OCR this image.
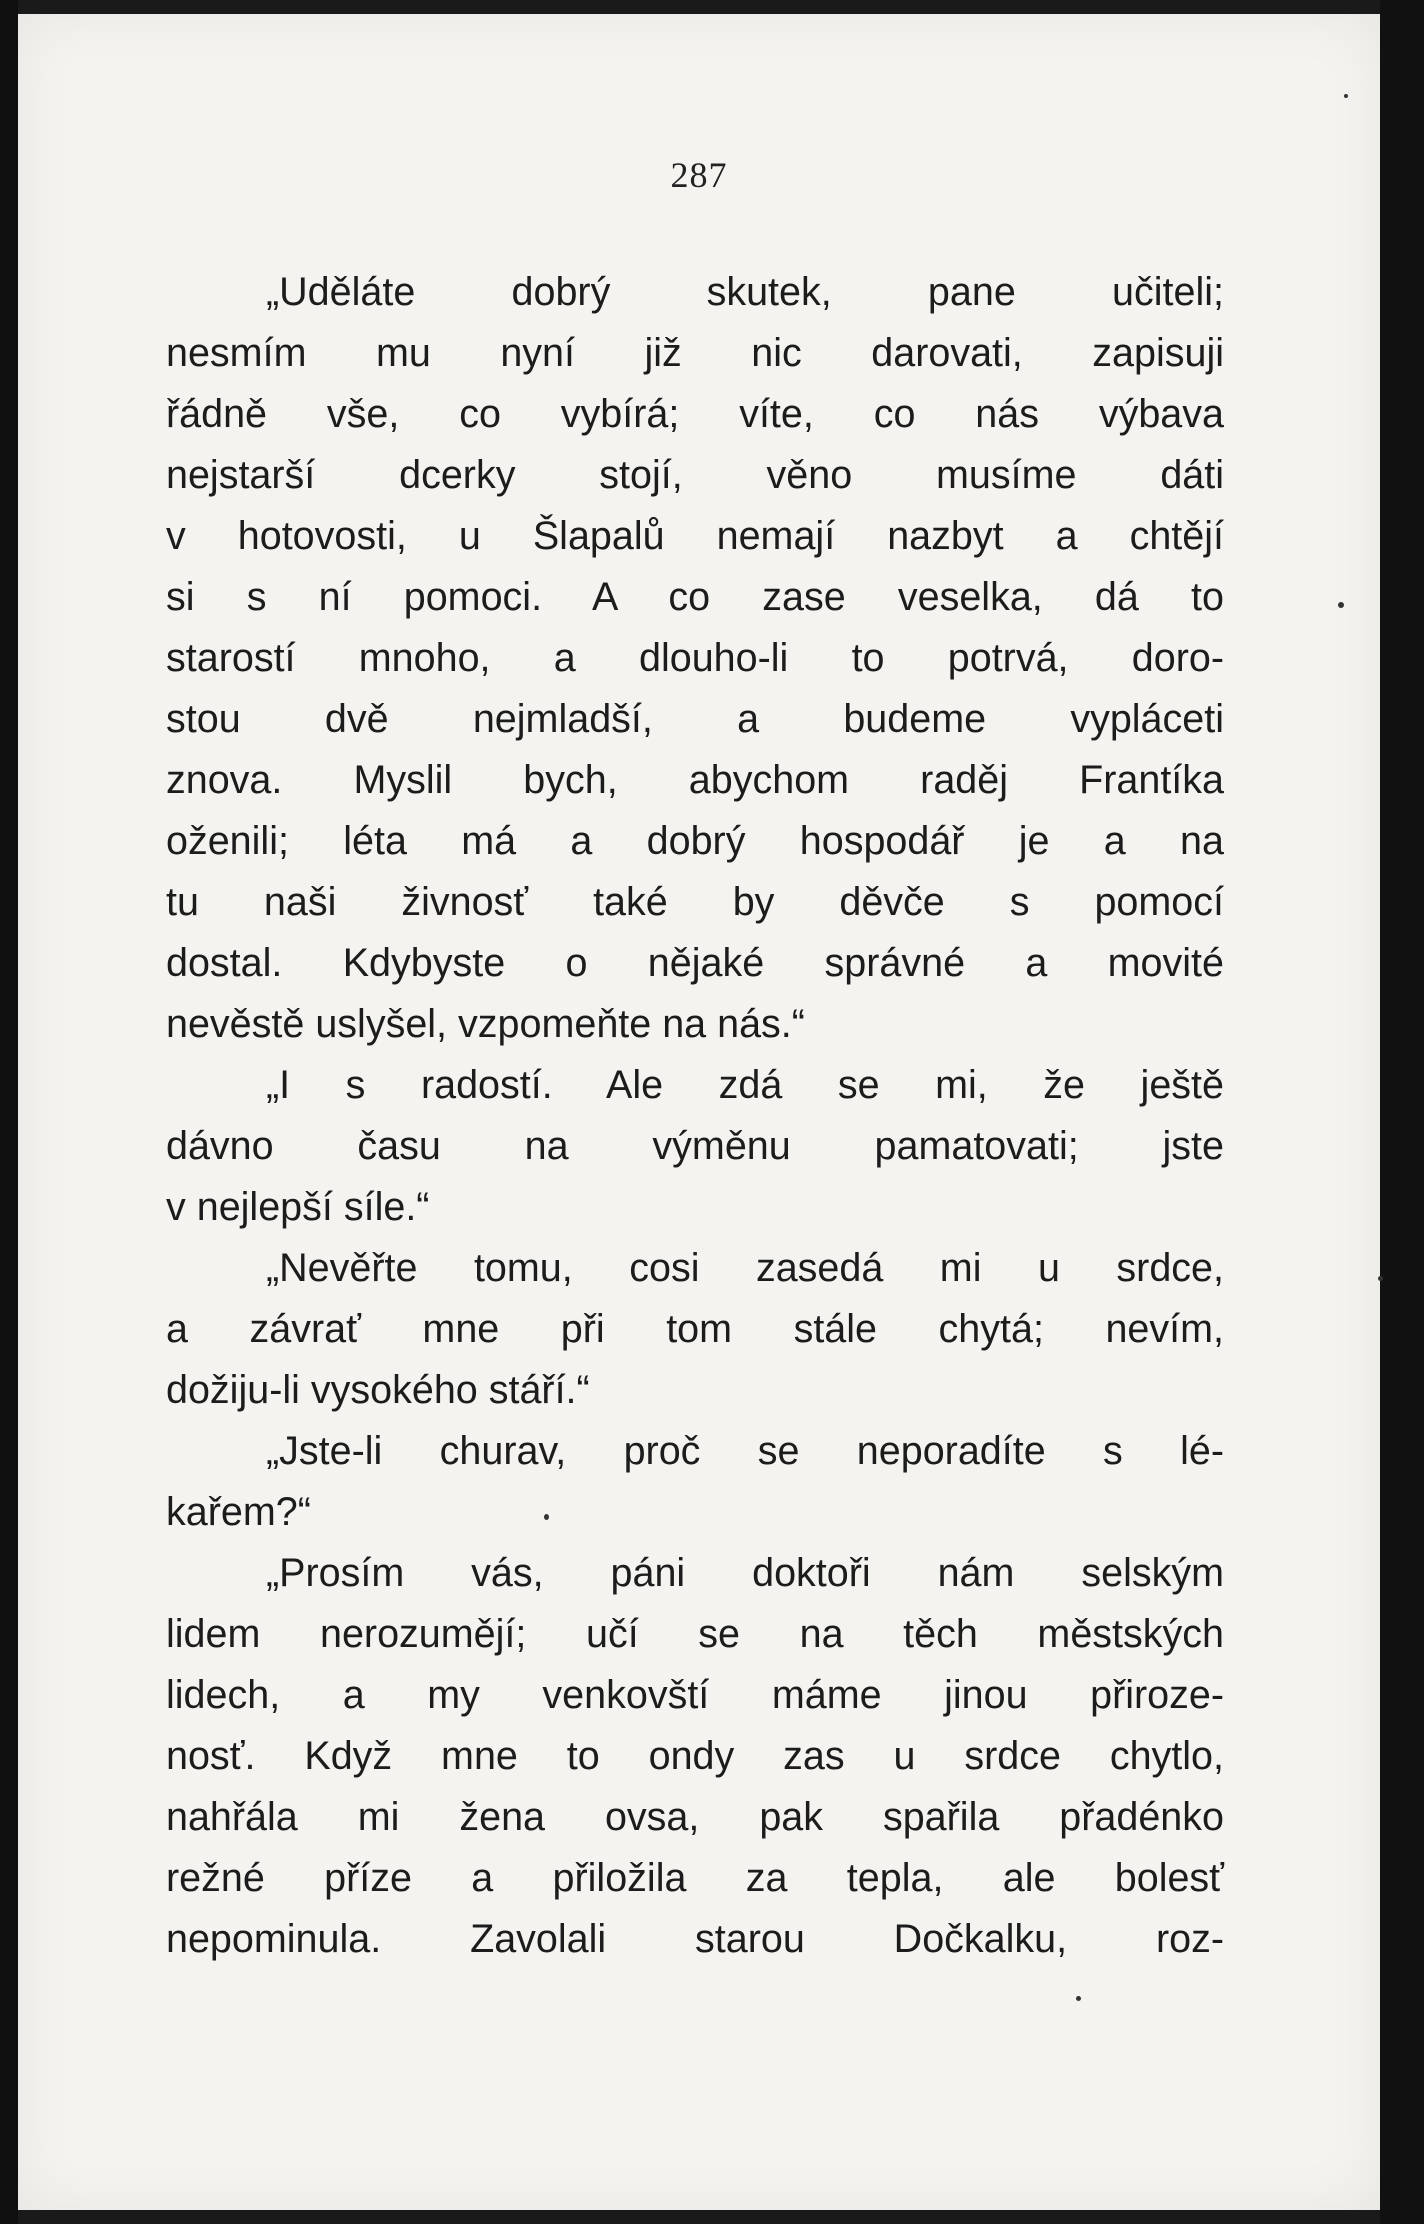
287
„Uděláte dobrý skutek, pane učiteli;
nesmím mu nyní již nic darovati, zapisuji
řádně vše, co vybírá; víte, co nás výbava
nejstarší dcerky stojí, věno musíme dáti
v hotovosti, u Šlapalů nemají nazbyt a chtějí
si s ní pomoci. A co zase veselka, dá to
starostí mnoho, a dlouho-li to potrvá, doro-
stou dvě nejmladší, a budeme vypláceti
znova. Myslil bych, abychom raděj Frantíka
oženili; léta má a dobrý hospodář je a na
tu naši živnosť také by děvče s pomocí
dostal. Kdybyste o nějaké správné a movité
nevěstě uslyšel, vzpomeňte na nás.“
„I s radostí. Ale zdá se mi, že ještě
dávno času na výměnu pamatovati; jste
v nejlepší síle.“
„Nevěřte tomu, cosi zasedá mi u srdce,
a závrať mne při tom stále chytá; nevím,
dožiju-li vysokého stáří.“
„Jste-li churav, proč se neporadíte s lé-
kařem?“
„Prosím vás, páni doktoři nám selským
lidem nerozumějí; učí se na těch městských
lidech, a my venkovští máme jinou přiroze-
nosť. Když mne to ondy zas u srdce chytlo,
nahřála mi žena ovsa, pak spařila přadénko
režné příze a přiložila za tepla, ale bolesť
nepominula. Zavolali starou Dočkalku, roz-
